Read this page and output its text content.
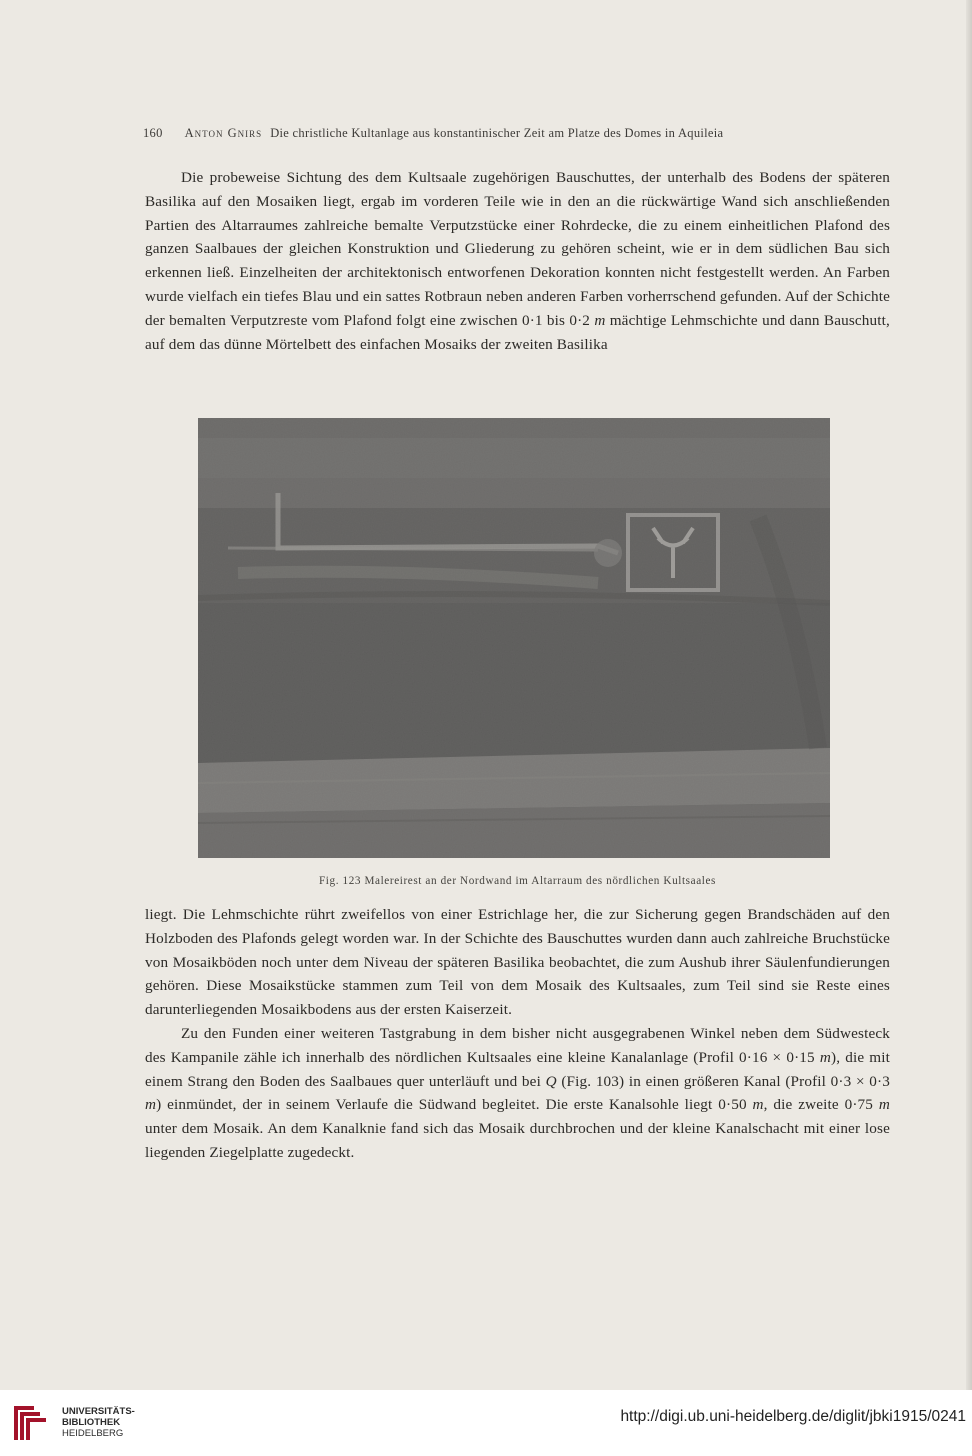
160 Anton Gnirs Die christliche Kultanlage aus konstantinischer Zeit am Platze des Domes in Aquileia

Die probeweise Sichtung des dem Kultsaale zugehörigen Bauschuttes, der unterhalb des Bodens der späteren Basilika auf den Mosaiken liegt, ergab im vorderen Teile wie in den an die rückwärtige Wand sich anschließenden Partien des Altarraumes zahlreiche bemalte Verputzstücke einer Rohrdecke, die zu einem einheitlichen Plafond des ganzen Saalbaues der gleichen Konstruktion und Gliederung zu gehören scheint, wie er in dem südlichen Bau sich erkennen ließ. Einzelheiten der architektonisch entworfenen Dekoration konnten nicht festgestellt werden. An Farben wurde vielfach ein tiefes Blau und ein sattes Rotbraun neben anderen Farben vorherrschend gefunden. Auf der Schichte der bemalten Verputzreste vom Plafond folgt eine zwischen 0·1 bis 0·2 m mächtige Lehmschichte und dann Bauschutt, auf dem das dünne Mörtelbett des einfachen Mosaiks der zweiten Basilika

Fig. 123 Malereirest an der Nordwand im Altarraum des nördlichen Kultsaales

liegt. Die Lehmschichte rührt zweifellos von einer Estrichlage her, die zur Sicherung gegen Brandschäden auf den Holzboden des Plafonds gelegt worden war. In der Schichte des Bauschuttes wurden dann auch zahlreiche Bruchstücke von Mosaikböden noch unter dem Niveau der späteren Basilika beobachtet, die zum Aushub ihrer Säulenfundierungen gehören. Diese Mosaikstücke stammen zum Teil von dem Mosaik des Kultsaales, zum Teil sind sie Reste eines darunterliegenden Mosaikbodens aus der ersten Kaiserzeit.

Zu den Funden einer weiteren Tastgrabung in dem bisher nicht ausgegrabenen Winkel neben dem Südwesteck des Kampanile zähle ich innerhalb des nördlichen Kultsaales eine kleine Kanalanlage (Profil 0·16 × 0·15 m), die mit einem Strang den Boden des Saalbaues quer unterläuft und bei Q (Fig. 103) in einen größeren Kanal (Profil 0·3 × 0·3 m) einmündet, der in seinem Verlaufe die Südwand begleitet. Die erste Kanalsohle liegt 0·50 m, die zweite 0·75 m unter dem Mosaik. An dem Kanalknie fand sich das Mosaik durchbrochen und der kleine Kanalschacht mit einer lose liegenden Ziegelplatte zugedeckt.

UNIVERSITÄTS-
BIBLIOTHEK
HEIDELBERG
http://digi.ub.uni-heidelberg.de/diglit/jbki1915/0241
